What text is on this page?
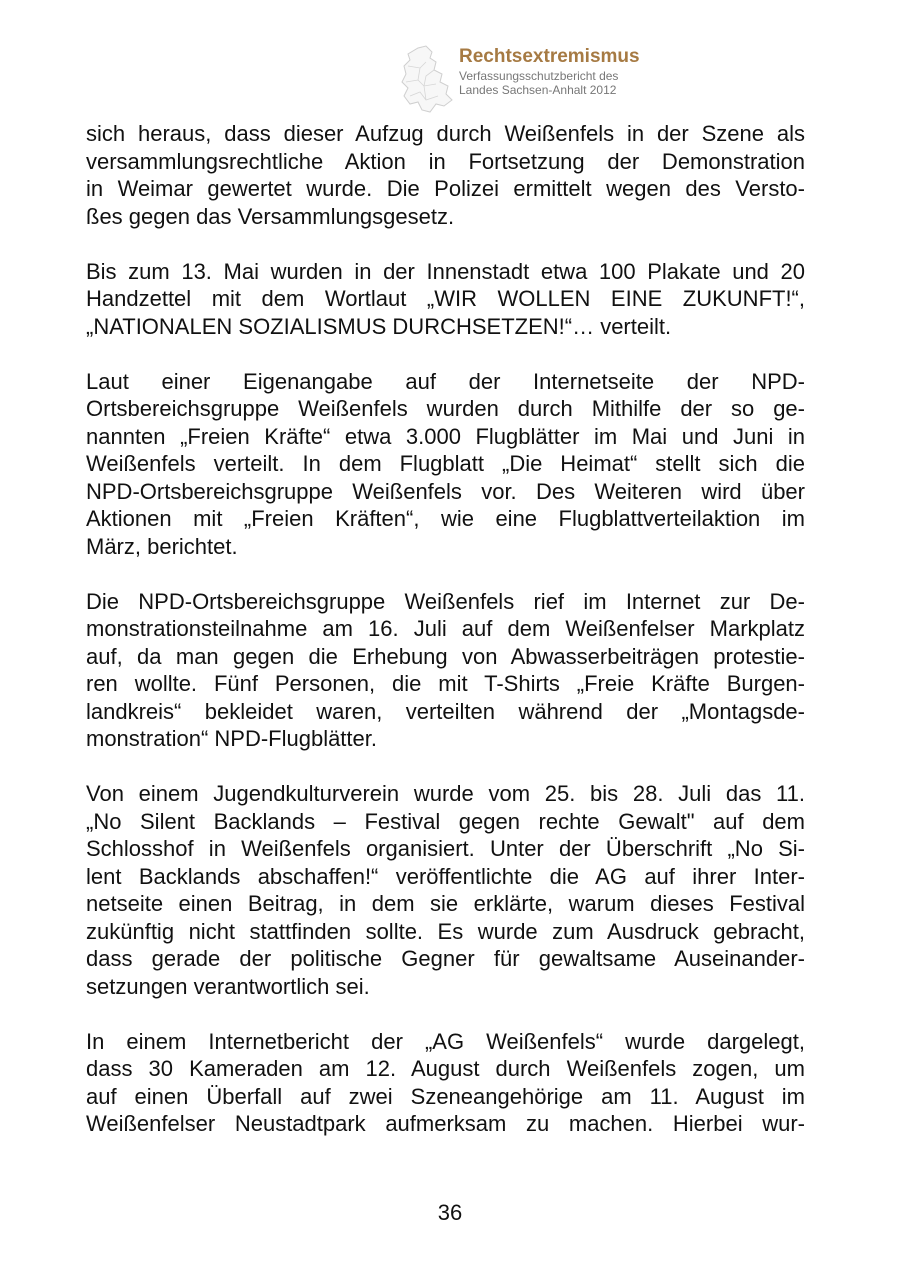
Rechtsextremismus
Verfassungsschutzbericht des
Landes Sachsen-Anhalt 2012
sich heraus, dass dieser Aufzug durch Weißenfels in der Szene als
versammlungsrechtliche Aktion in Fortsetzung der Demonstration
in Weimar gewertet wurde. Die Polizei ermittelt wegen des Versto-
ßes gegen das Versammlungsgesetz.
Bis zum 13. Mai wurden in der Innenstadt etwa 100 Plakate und 20
Handzettel mit dem Wortlaut „WIR WOLLEN EINE ZUKUNFT!“,
„NATIONALEN SOZIALISMUS DURCHSETZEN!“… verteilt.
Laut einer Eigenangabe auf der Internetseite der NPD-
Ortsbereichsgruppe Weißenfels wurden durch Mithilfe der so ge-
nannten „Freien Kräfte“ etwa 3.000 Flugblätter im Mai und Juni in
Weißenfels verteilt. In dem Flugblatt „Die Heimat“ stellt sich die
NPD-Ortsbereichsgruppe Weißenfels vor. Des Weiteren wird über
Aktionen mit „Freien Kräften“, wie eine Flugblattverteilaktion im
März, berichtet.
Die NPD-Ortsbereichsgruppe Weißenfels rief im Internet zur De-
monstrationsteilnahme am 16. Juli auf dem Weißenfelser Markplatz
auf, da man gegen die Erhebung von Abwasserbeiträgen protestie-
ren wollte. Fünf Personen, die mit T-Shirts „Freie Kräfte Burgen-
landkreis“ bekleidet waren, verteilten während der „Montagsde-
monstration“ NPD-Flugblätter.
Von einem Jugendkulturverein wurde vom 25. bis 28. Juli das 11.
„No Silent Backlands – Festival gegen rechte Gewalt" auf dem
Schlosshof in Weißenfels organisiert. Unter der Überschrift „No Si-
lent Backlands abschaffen!“ veröffentlichte die AG auf ihrer Inter-
netseite einen Beitrag, in dem sie erklärte, warum dieses Festival
zukünftig nicht stattfinden sollte. Es wurde zum Ausdruck gebracht,
dass gerade der politische Gegner für gewaltsame Auseinander-
setzungen verantwortlich sei.
In einem Internetbericht der „AG Weißenfels“ wurde dargelegt,
dass 30 Kameraden am 12. August durch Weißenfels zogen, um
auf einen Überfall auf zwei Szeneangehörige am 11. August im
Weißenfelser Neustadtpark aufmerksam zu machen. Hierbei wur-
36
